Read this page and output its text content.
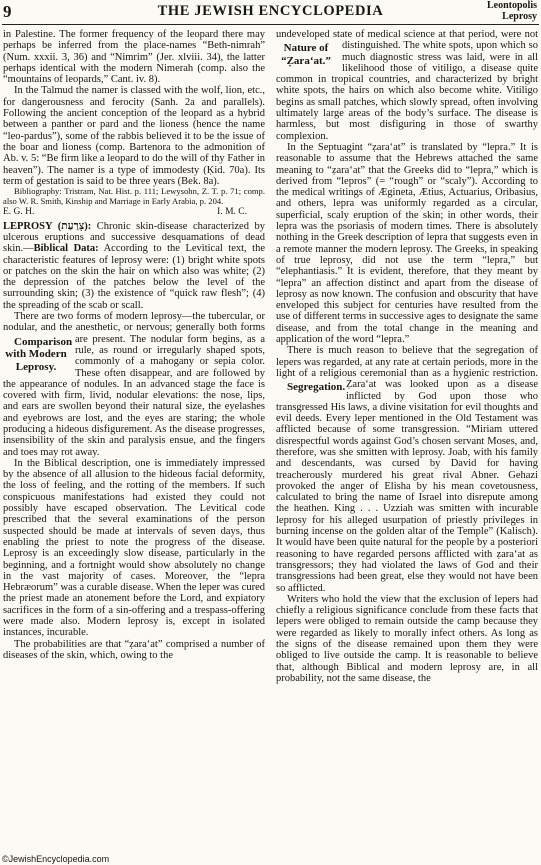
9	THE JEWISH ENCYCLOPEDIA	Leontopolis
Leprosy

in Palestine. The former frequency of the leopard there may perhaps be inferred from the place-names “Beth-nimrah” (Num. xxxii. 3, 36) and “Nimrim” (Jer. xlviii. 34), the latter perhaps identical with the modern Nimerah (comp. also the “mountains of leopards,” Cant. iv. 8).

In the Talmud the namer is classed with the wolf, lion, etc., for dangerousness and ferocity (Sanh. 2a and parallels). Following the ancient conception of the leopard as a hybrid between a panther or pard and the lioness (hence the name “leo-pardus”), some of the rabbis believed it to be the issue of the boar and lioness (comp. Bartenora to the admonition of Ab. v. 5: “Be firm like a leopard to do the will of thy Father in heaven”). The namer is a type of immodesty (Ḳid. 70a). Its term of gestation is said to be three years (Bek. 8a).

Bibliography: Tristram, Nat. Hist. p. 111; Lewysohn, Z. T. p. 71; comp. also W. R. Smith, Kinship and Marriage in Early Arabia, p. 204.

E. G. H.	I. M. C.

LEPROSY (צָרַעַת): Chronic skin-disease characterized by ulcerous eruptions and successive desquamations of dead skin.—Biblical Data: According to the Levitical text, the characteristic features of leprosy were: (1) bright white spots or patches on the skin the hair on which also was white; (2) the depression of the patches below the level of the surrounding skin; (3) the existence of “quick raw flesh”; (4) the spreading of the scab or scall.

There are two forms of modern leprosy—the tubercular, or nodular, and the anesthetic, or nervous; generally both forms are present. The
Comparison with Modern Leprosy.
nodular form begins, as a rule, as round or irregularly shaped spots, commonly of a mahogany or sepia color. These often disappear, and are followed by the appearance of nodules. In an advanced stage the face is covered with firm, livid, nodular elevations: the nose, lips, and ears are swollen beyond their natural size, the eyelashes and eyebrows are lost, and the eyes are staring; the whole producing a hideous disfigurement. As the disease progresses, insensibility of the skin and paralysis ensue, and the fingers and toes may rot away.

In the Biblical description, one is immediately impressed by the absence of all allusion to the hideous facial deformity, the loss of feeling, and the rotting of the members. If such conspicuous manifestations had existed they could not possibly have escaped observation. The Levitical code prescribed that the several examinations of the person suspected should be made at intervals of seven days, thus enabling the priest to note the progress of the disease. Leprosy is an exceedingly slow disease, particularly in the beginning, and a fortnight would show absolutely no change in the vast majority of cases. Moreover, the “lepra Hebræorum” was a curable disease. When the leper was cured the priest made an atonement before the Lord, and expiatory sacrifices in the form of a sin-offering and a trespass-offering were made also. Modern leprosy is, except in isolated instances, incurable.

The probabilities are that “ẓara‘at” comprised a number of diseases of the skin, which, owing to the

undeveloped state of medical science at that period, were not distinguished. The white spots, upon
Nature of “Ẓara‘at.”
which so much diagnostic stress was laid, were in all likelihood those of vitiligo, a disease quite common in tropical countries, and characterized by bright white spots, the hairs on which also become white. Vitiligo begins as small patches, which slowly spread, often involving ultimately large areas of the body’s surface. The disease is harmless, but most disfiguring in those of swarthy complexion.

In the Septuagint “ẓara‘at” is translated by “lepra.” It is reasonable to assume that the Hebrews attached the same meaning to “ẓara‘at” that the Greeks did to “lepra,” which is derived from “lepros” (= “rough” or “scaly”). According to the medical writings of Æginetа, Ætius, Actuarius, Oribasius, and others, lepra was uniformly regarded as a circular, superficial, scaly eruption of the skin; in other words, their lepra was the psoriasis of modern times. There is absolutely nothing in the Greek description of lepra that suggests even in a remote manner the modern leprosy. The Greeks, in speaking of true leprosy, did not use the term “lepra,” but “elephantiasis.” It is evident, therefore, that they meant by “lepra” an affection distinct and apart from the disease of leprosy as now known. The confusion and obscurity that have enveloped this subject for centuries have resulted from the use of different terms in successive ages to designate the same disease, and from the total change in the meaning and application of the word “lepra.”

There is much reason to believe that the segregation of lepers was regarded, at any rate at certain periods, more in the light of a religious ceremonial than as a hygienic restriction.
Segregation. Ẓara‘at was looked upon as a disease inflicted by God upon those who transgressed His laws, a divine visitation for evil thoughts and evil deeds. Every leper mentioned in the Old Testament was afflicted because of some transgression. “Miriam uttered disrespectful words against God’s chosen servant Moses, and, therefore, was she smitten with leprosy. Joab, with his family and descendants, was cursed by David for having treacherously murdered his great rival Abner. Gehazi provoked the anger of Elisha by his mean covetousness, calculated to bring the name of Israel into disrepute among the heathen. King . . . Uzziah was smitten with incurable leprosy for his alleged usurpation of priestly privileges in burning incense on the golden altar of the Temple” (Kalisch). It would have been quite natural for the people by a posteriori reasoning to have regarded persons afflicted with ẓara‘at as transgressors; they had violated the laws of God and their transgressions had been great, else they would not have been so afflicted.

Writers who hold the view that the exclusion of lepers had chiefly a religious significance conclude from these facts that lepers were obliged to remain outside the camp because they were regarded as likely to morally infect others. As long as the signs of the disease remained upon them they were obliged to live outside the camp. It is reasonable to believe that, although Biblical and modern leprosy are, in all probability, not the same disease, the

©JewishEncyclopedia.com
